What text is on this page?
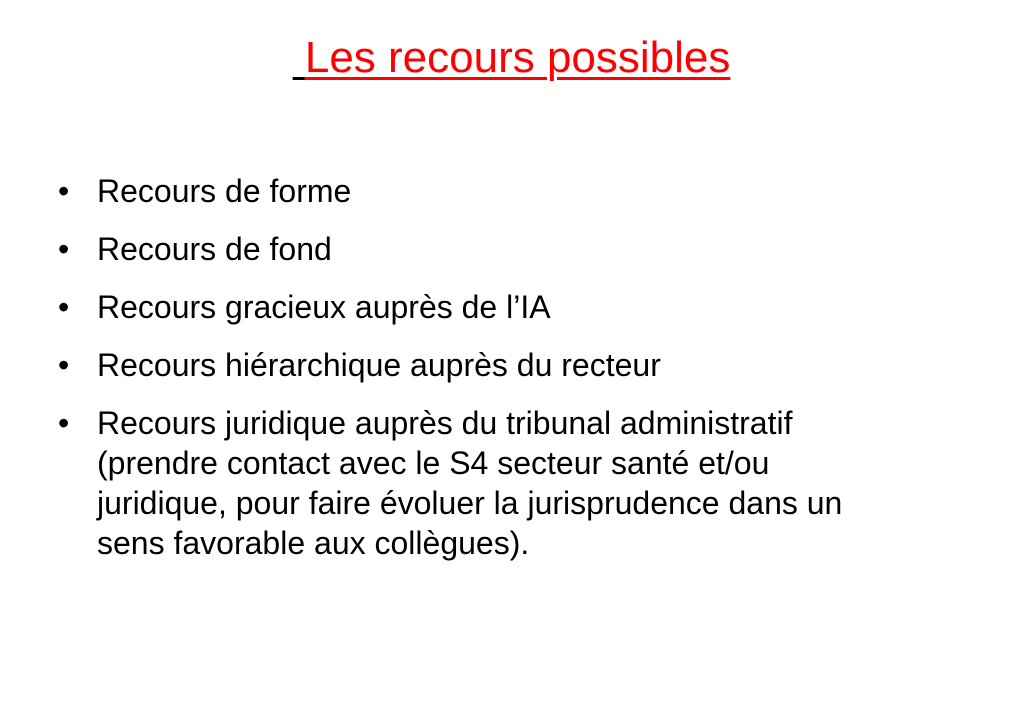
Les recours possibles
• Recours de forme
• Recours de fond
• Recours gracieux auprès de l’IA
• Recours hiérarchique auprès du recteur
• Recours juridique auprès du tribunal administratif (prendre contact avec le S4 secteur santé et/ou juridique, pour faire évoluer la jurisprudence dans un sens favorable aux collègues).
